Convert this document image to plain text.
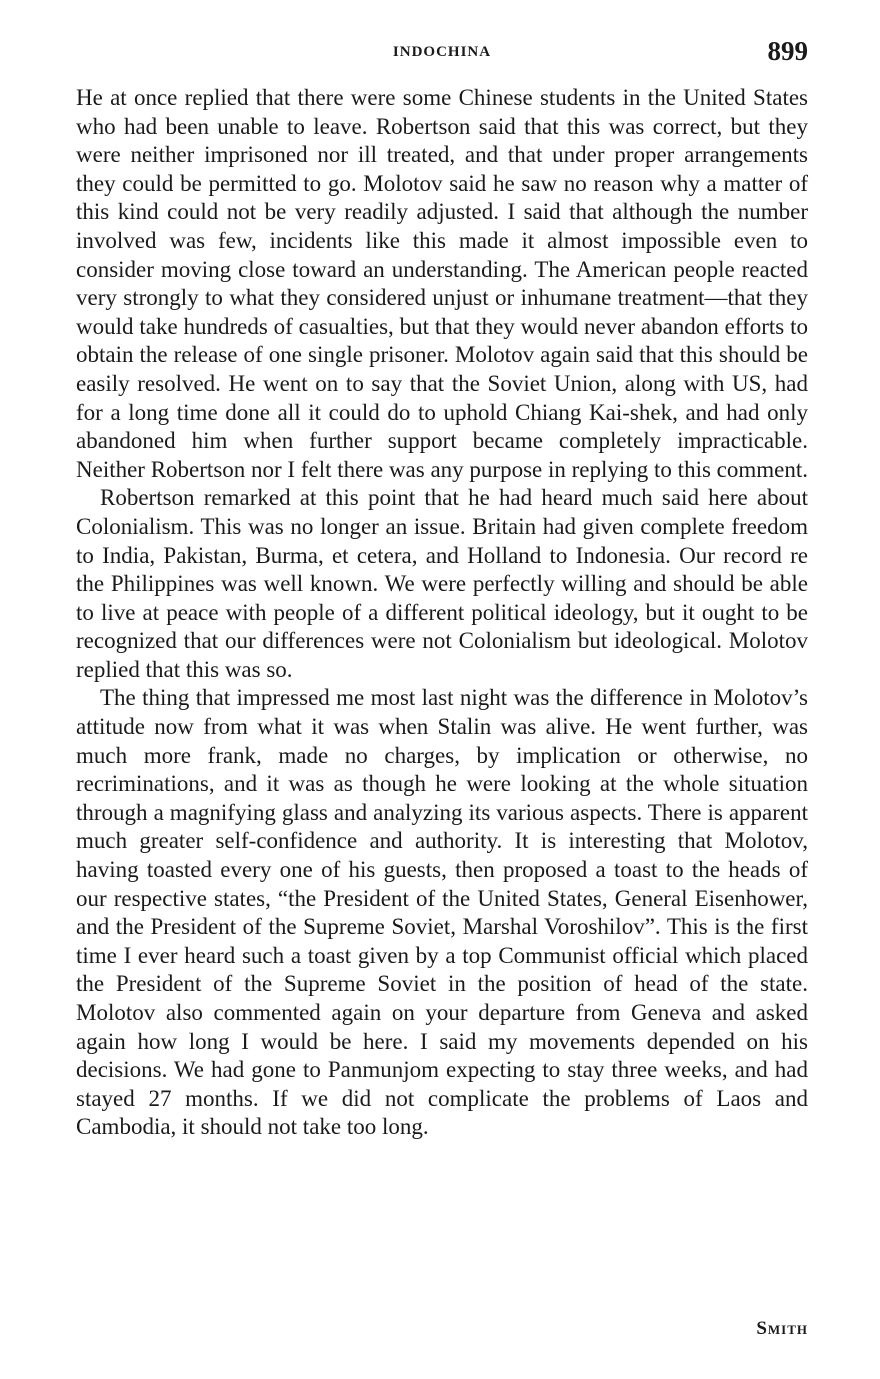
INDOCHINA	899

He at once replied that there were some Chinese students in the United States who had been unable to leave. Robertson said that this was correct, but they were neither imprisoned nor ill treated, and that under proper arrangements they could be permitted to go. Molotov said he saw no reason why a matter of this kind could not be very readily adjusted. I said that although the number involved was few, incidents like this made it almost impossible even to consider moving close toward an understanding. The American people reacted very strongly to what they considered unjust or inhumane treatment—that they would take hundreds of casualties, but that they would never abandon efforts to obtain the release of one single prisoner. Molotov again said that this should be easily resolved. He went on to say that the Soviet Union, along with US, had for a long time done all it could do to uphold Chiang Kai-shek, and had only abandoned him when further support became completely impracticable. Neither Robertson nor I felt there was any purpose in replying to this comment.

Robertson remarked at this point that he had heard much said here about Colonialism. This was no longer an issue. Britain had given complete freedom to India, Pakistan, Burma, et cetera, and Holland to Indonesia. Our record re the Philippines was well known. We were perfectly willing and should be able to live at peace with people of a different political ideology, but it ought to be recognized that our differences were not Colonialism but ideological. Molotov replied that this was so.

The thing that impressed me most last night was the difference in Molotov’s attitude now from what it was when Stalin was alive. He went further, was much more frank, made no charges, by implication or otherwise, no recriminations, and it was as though he were looking at the whole situation through a magnifying glass and analyzing its various aspects. There is apparent much greater self-confidence and authority. It is interesting that Molotov, having toasted every one of his guests, then proposed a toast to the heads of our respective states, “the President of the United States, General Eisenhower, and the President of the Supreme Soviet, Marshal Voroshilov”. This is the first time I ever heard such a toast given by a top Communist official which placed the President of the Supreme Soviet in the position of head of the state. Molotov also commented again on your departure from Geneva and asked again how long I would be here. I said my movements depended on his decisions. We had gone to Panmunjom expecting to stay three weeks, and had stayed 27 months. If we did not complicate the problems of Laos and Cambodia, it should not take too long.

Smith
